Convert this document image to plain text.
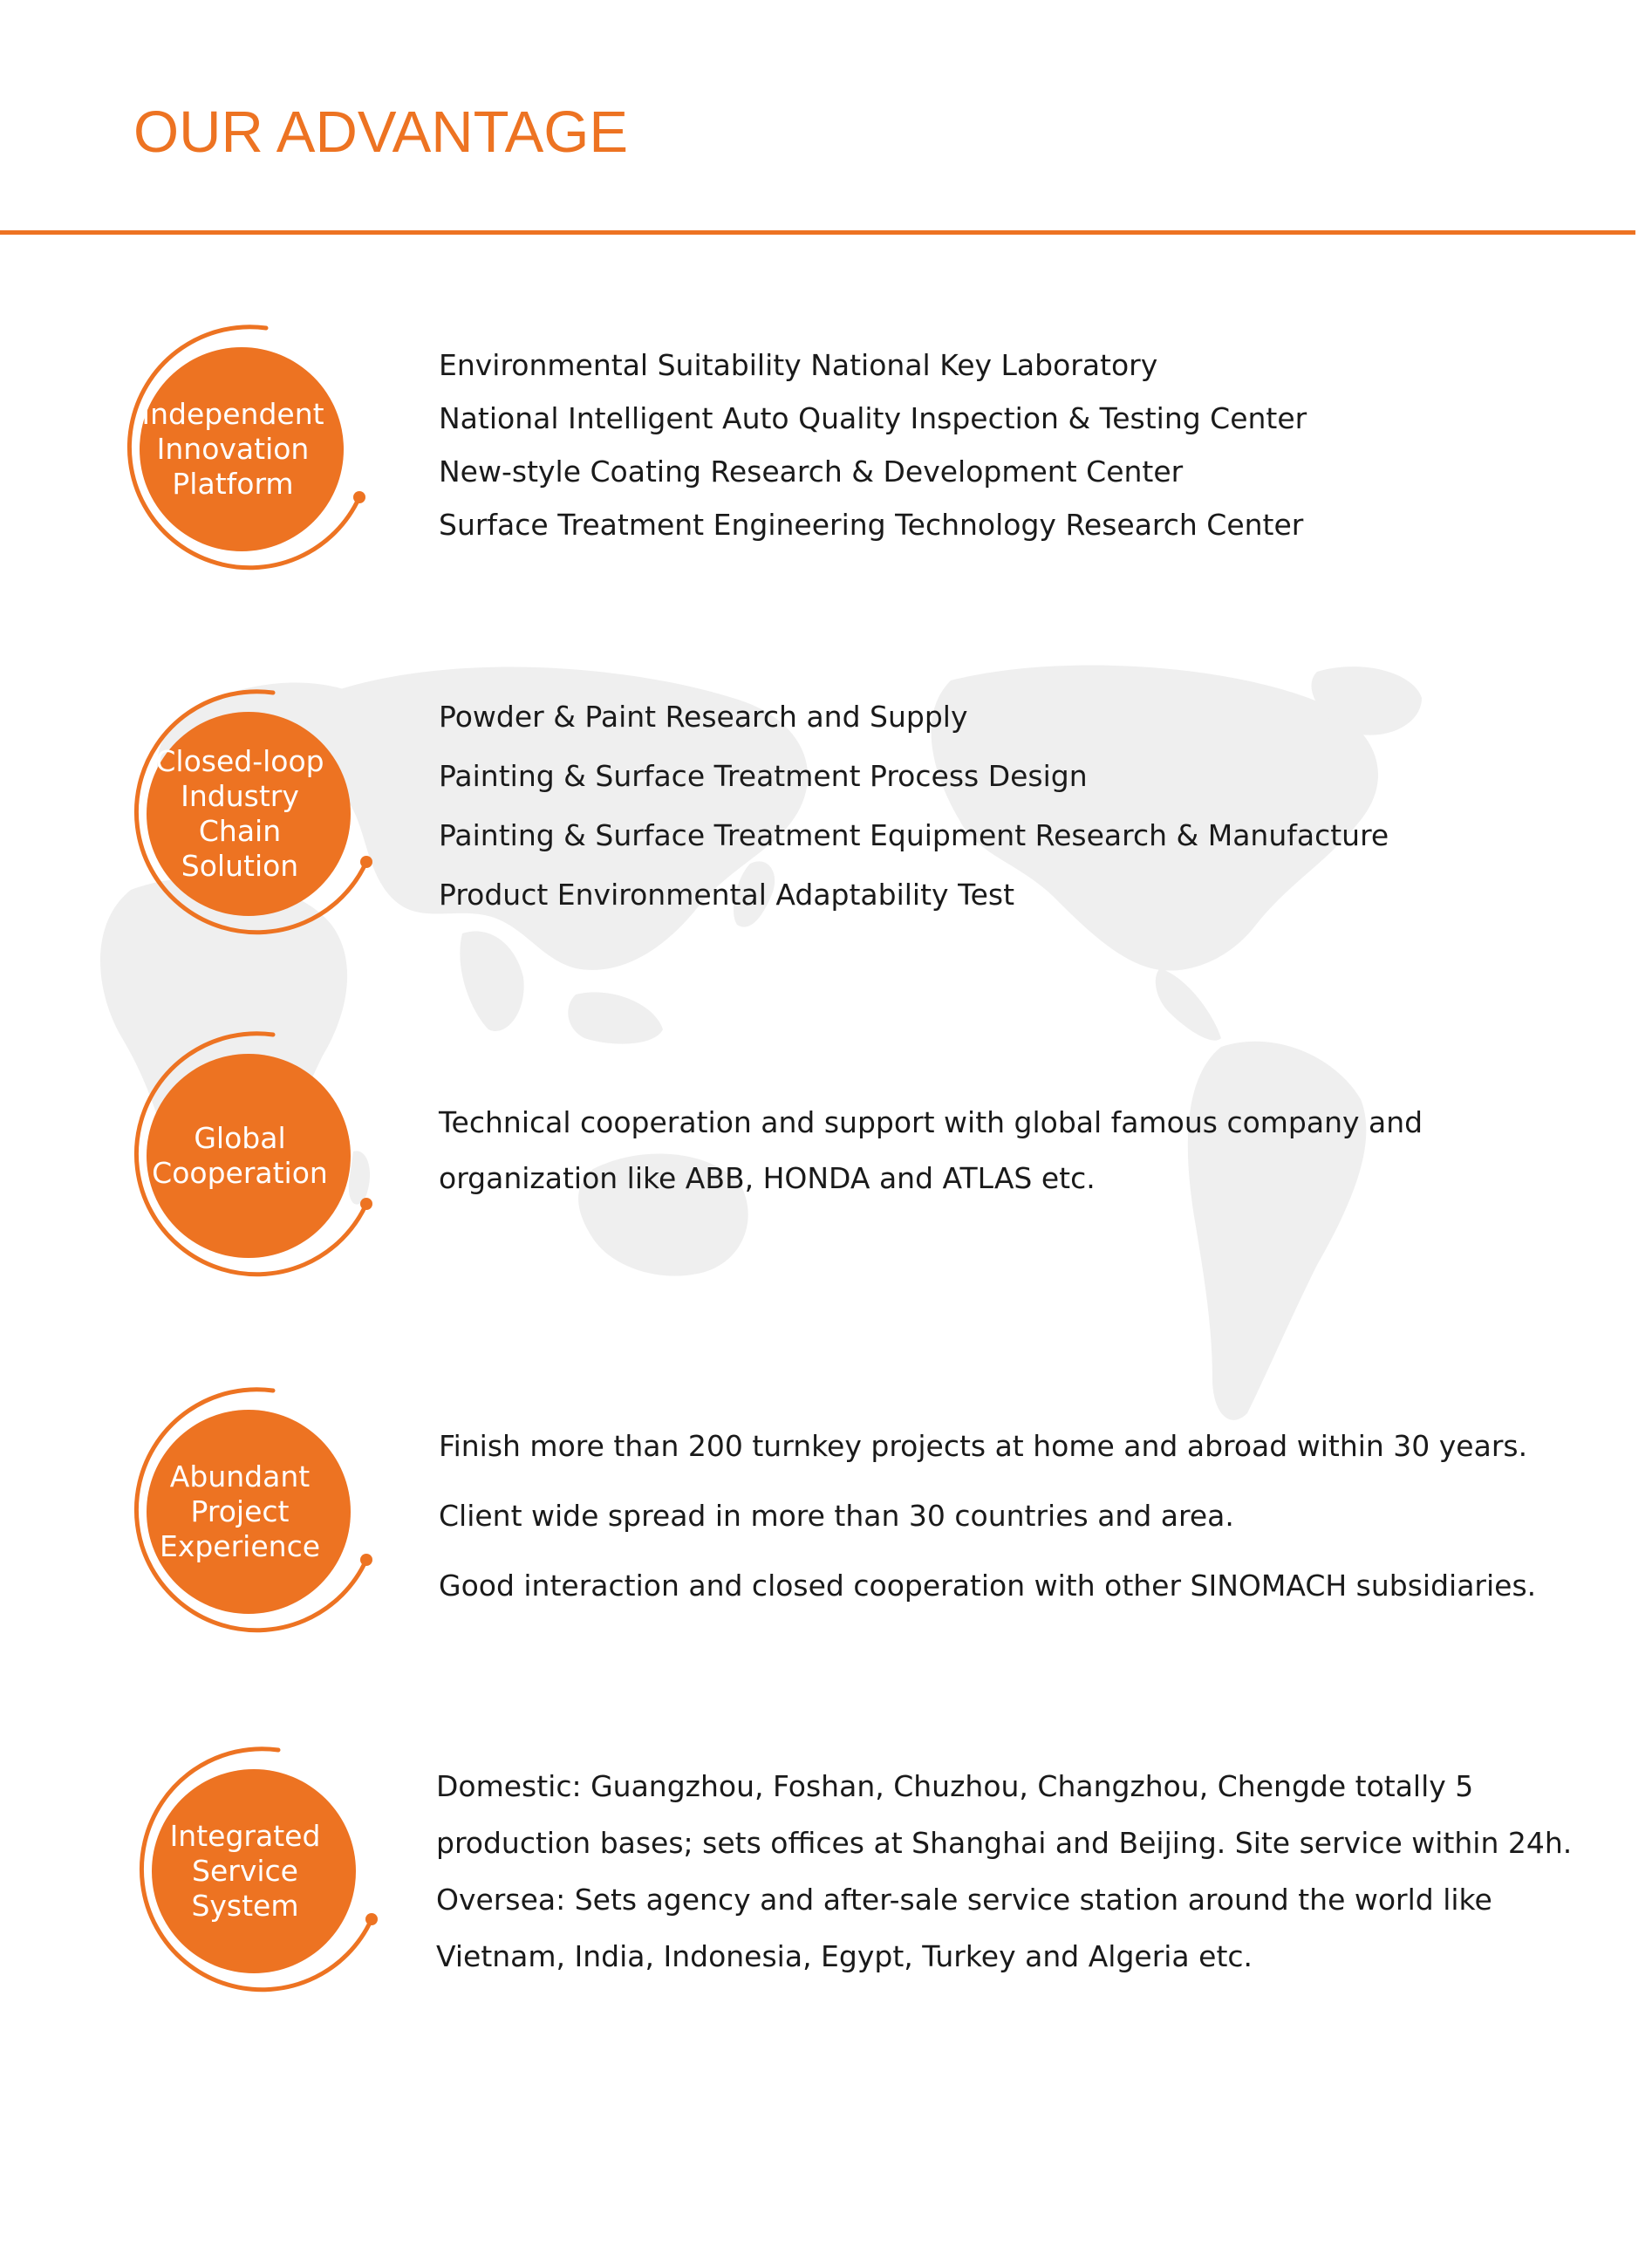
OUR ADVANTAGE
Independent
Innovation
Platform
Environmental Suitability National Key Laboratory
National Intelligent Auto Quality Inspection & Testing Center
New-style Coating Research & Development Center
Surface Treatment Engineering Technology Research Center
Closed-loop
Industry Chain
Solution
Powder & Paint Research and Supply
Painting & Surface Treatment Process Design
Painting & Surface Treatment Equipment Research & Manufacture
Product Environmental Adaptability Test
Global
Cooperation
Technical cooperation and support with global famous company and
organization like ABB, HONDA and ATLAS etc.
Abundant
Project
Experience
Finish more than 200 turnkey projects at home and abroad within 30 years.
Client wide spread in more than 30 countries and area.
Good interaction and closed cooperation with other SINOMACH subsidiaries.
Integrated
Service
System
Domestic: Guangzhou, Foshan, Chuzhou, Changzhou, Chengde totally 5
production bases; sets offices at Shanghai and Beijing. Site service within 24h.
Oversea: Sets agency and after-sale service station around the world like
Vietnam, India, Indonesia, Egypt, Turkey and Algeria etc.
